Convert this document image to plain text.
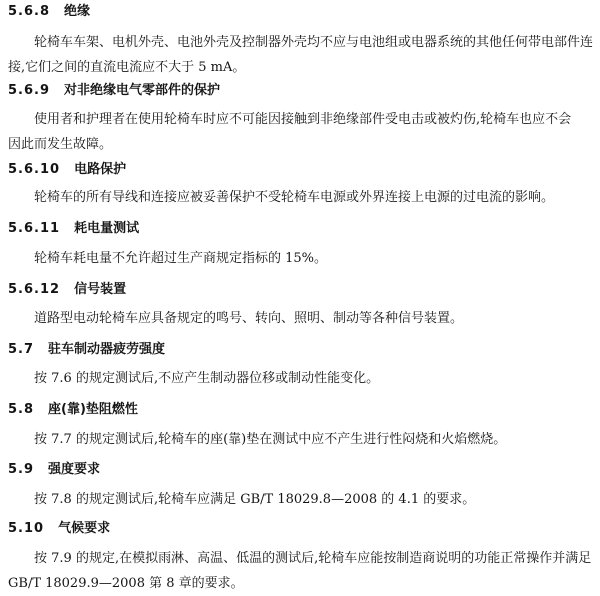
5.6.8 绝缘
轮椅车车架、电机外壳、电池外壳及控制器外壳均不应与电池组或电器系统的其他任何带电部件连
接,它们之间的直流电流应不大于 5 mA。
5.6.9 对非绝缘电气零部件的保护
使用者和护理者在使用轮椅车时应不可能因接触到非绝缘部件受电击或被灼伤,轮椅车也应不会
因此而发生故障。
5.6.10 电路保护
轮椅车的所有导线和连接应被妥善保护不受轮椅车电源或外界连接上电源的过电流的影响。
5.6.11 耗电量测试
轮椅车耗电量不允许超过生产商规定指标的 15%。
5.6.12 信号装置
道路型电动轮椅车应具备规定的鸣号、转向、照明、制动等各种信号装置。
5.7 驻车制动器疲劳强度
按 7.6 的规定测试后,不应产生制动器位移或制动性能变化。
5.8 座(靠)垫阻燃性
按 7.7 的规定测试后,轮椅车的座(靠)垫在测试中应不产生进行性闷烧和火焰燃烧。
5.9 强度要求
按 7.8 的规定测试后,轮椅车应满足 GB/T 18029.8—2008 的 4.1 的要求。
5.10 气候要求
按 7.9 的规定,在模拟雨淋、高温、低温的测试后,轮椅车应能按制造商说明的功能正常操作并满足
GB/T 18029.9—2008 第 8 章的要求。
